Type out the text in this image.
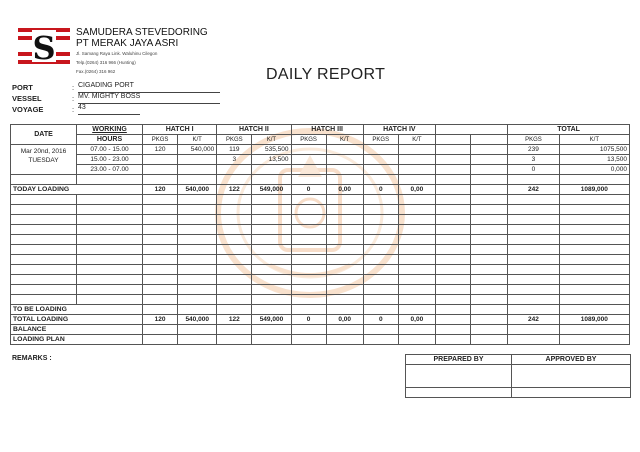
S SAMUDERA STEVEDORING
PT MERAK JAYA ASRI
Jl. Samang Raya Link. Waluhinu Cilegon
Telp.(0264) 316 966 (Hunting)
Fax.(0264) 316 962	DAILY REPORT
PORT	: CIGADING PORT
VESSEL	: MV. MIGHTY BOSS
VOYAGE	: 43
DATE	WORKING	HATCH I		HATCH II		HATCH III		HATCH IV				TOTAL	
	HOURS	PKGS	K/T	PKGS	K/T	PKGS	K/T	PKGS	K/T			PKGS	K/T

Mar 20nd, 2016
TUESDAY	07.00 - 15.00	120	540,000	119	535,500							239	1075,500
	15.00 - 23.00			3	13,500							3	13,500
	23.00 - 07.00											0	0,000

TODAY LOADING		120	540,000	122	549,000	0	0,00	0	0,00			242	1089,000

TO BE LOADING													
TOTAL LOADING		120	540,000	122	549,000	0	0,00	0	0,00			242	1089,000
BALANCE													
LOADING PLAN													
REMARKS :	PREPARED BY	APPROVED BY
